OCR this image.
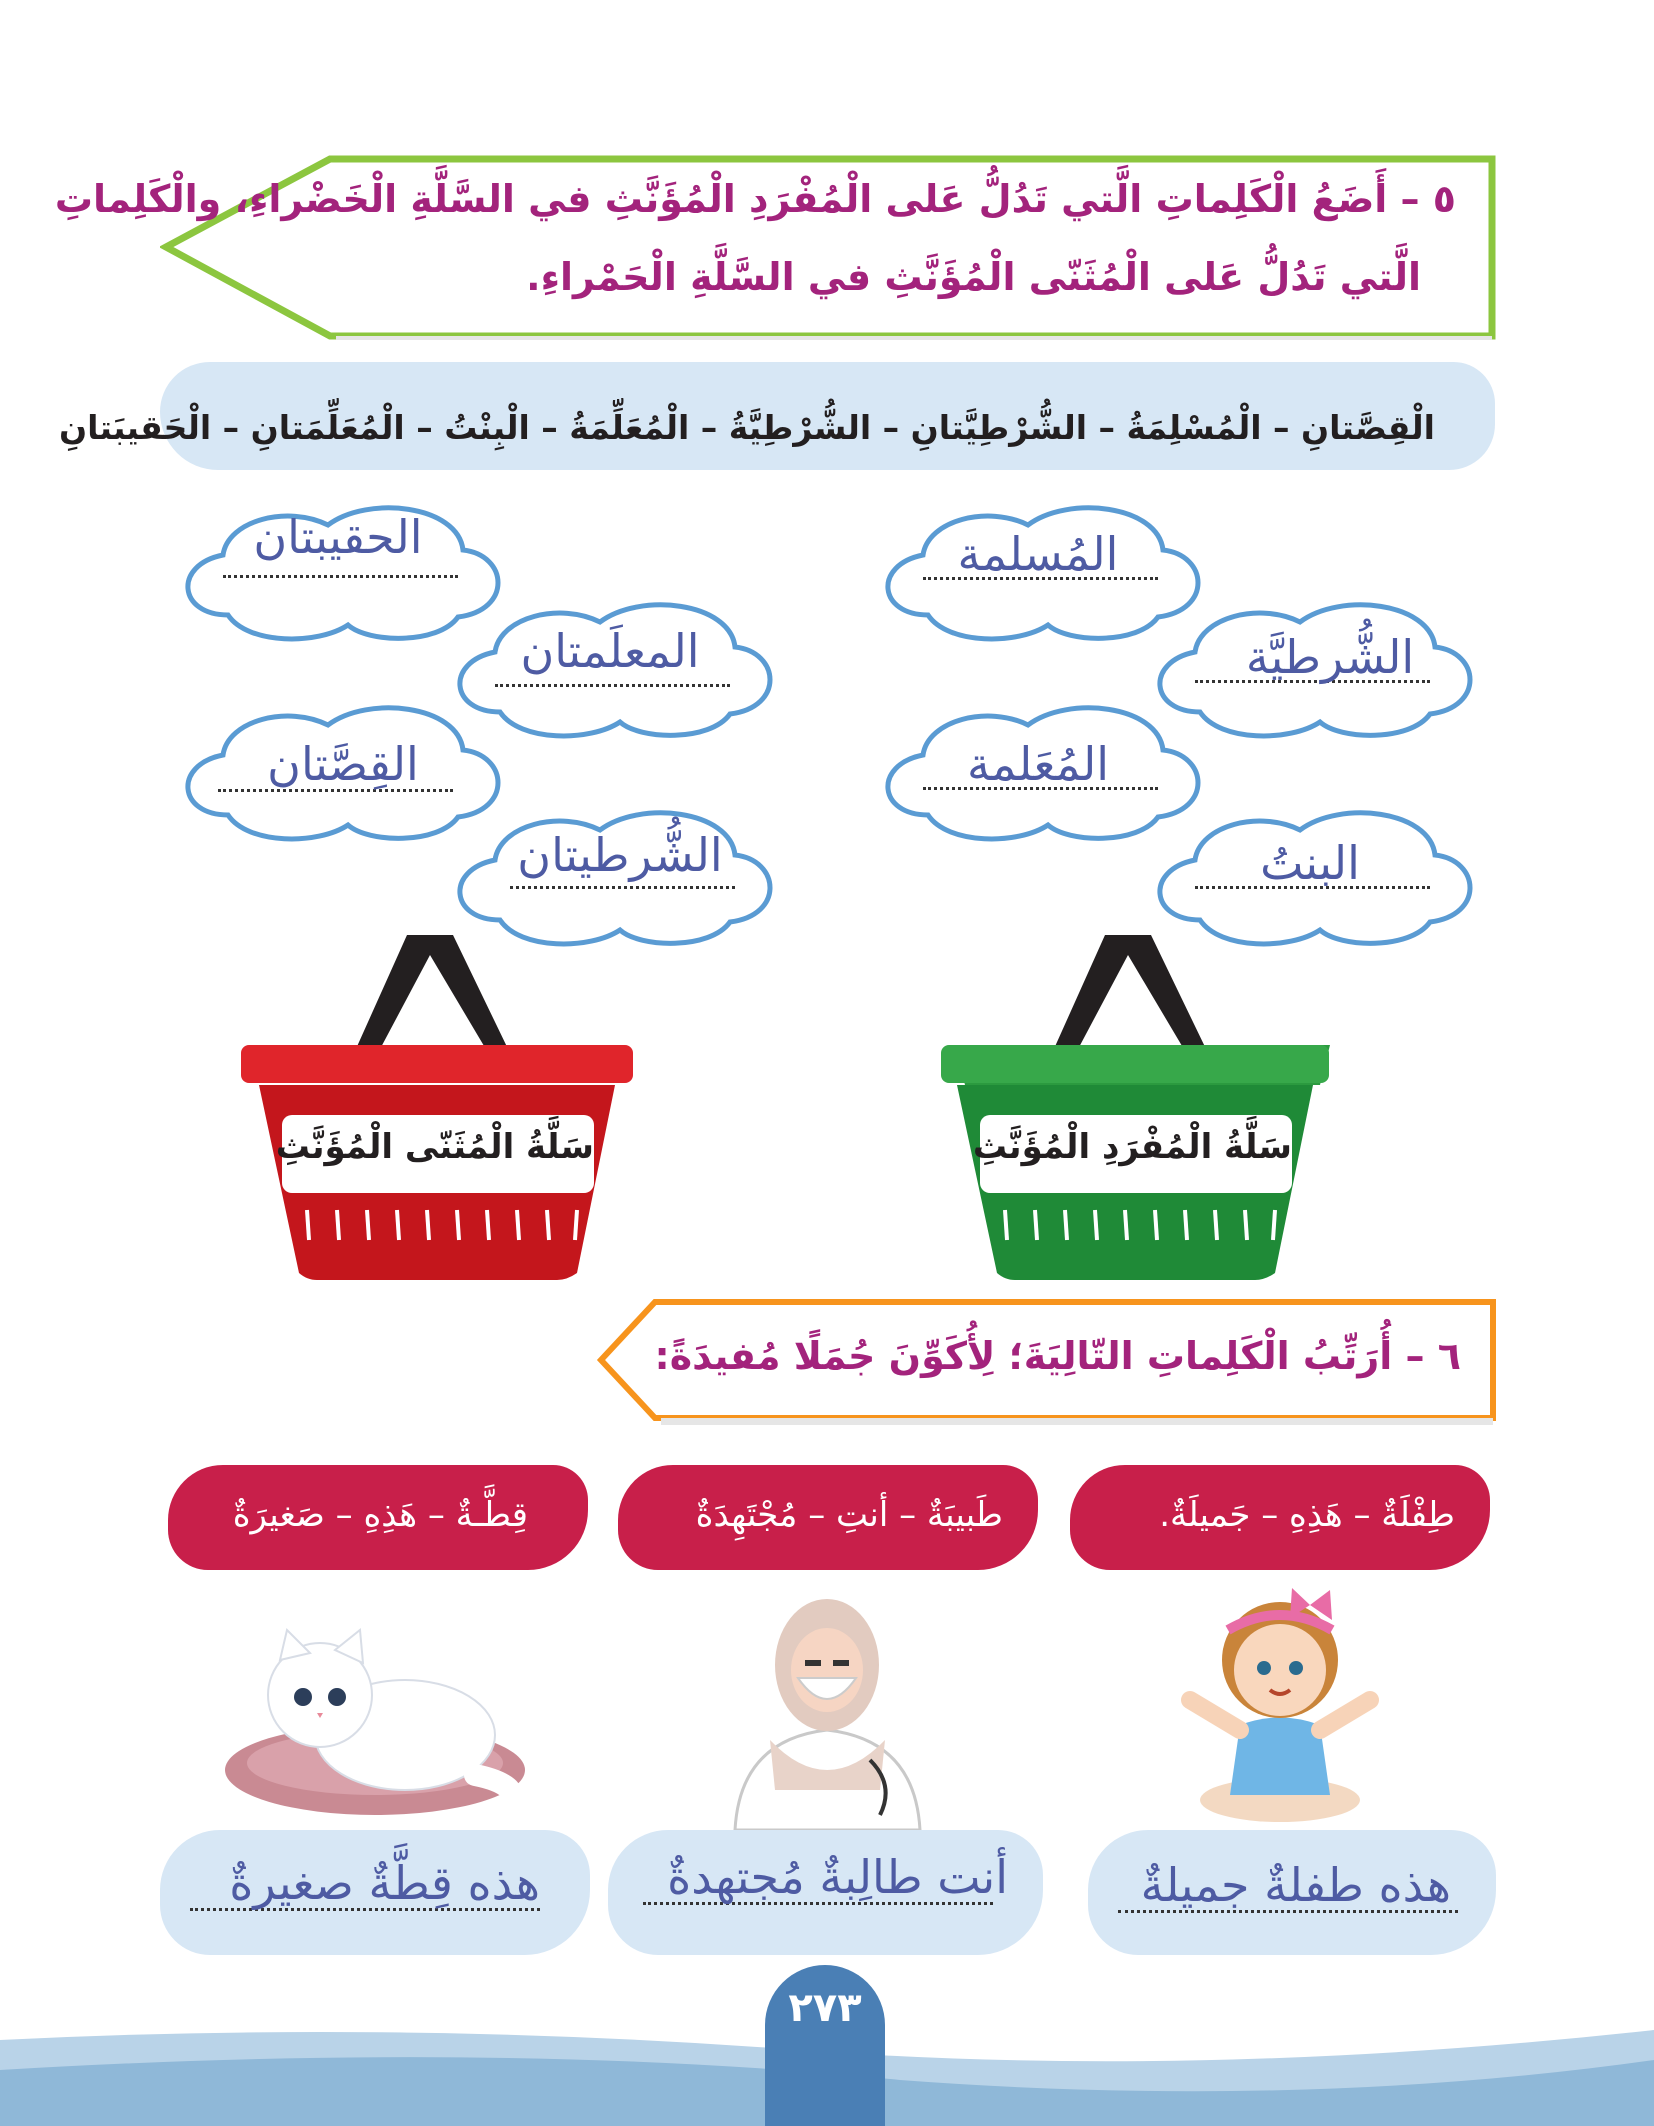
٥ – أَضَعُ الْكَلِماتِ الَّتي تَدُلُّ عَلى الْمُفْرَدِ الْمُؤَنَّثِ في السَّلَّةِ الْخَضْراءِ، والْكَلِماتِ
الَّتي تَدُلُّ عَلى الْمُثَنّى الْمُؤَنَّثِ في السَّلَّةِ الْحَمْراءِ.
الْقِصَّتانِ – الْمُسْلِمَةُ – الشُّرْطِيَّتانِ – الشُّرْطِيَّةُ – الْمُعَلِّمَةُ – الْبِنْتُ – الْمُعَلِّمَتانِ – الْحَقيبَتانِ
المُسلمة
الشُّرطيَّة
المُعَلمة
البنتُ
الحقيبتان
المعلَمتان
القِصَّتان
الشُّرطيتان
سَلَّةُ الْمُفْرَدِ الْمُؤَنَّثِ
سَلَّةُ الْمُثَنّى الْمُؤَنَّثِ
٦ – أُرَتِّبُ الْكَلِماتِ التّالِيَةَ؛ لِأُكَوِّنَ جُمَلًا مُفيدَةً:
طِفْلَةٌ – هَذِهِ – جَميلَةٌ.
طَبيبَةٌ – أنتِ – مُجْتَهِدَةٌ
قِطَّـةٌ – هَذِهِ – صَغيرَةٌ
هذه طفلةٌ جميلةٌ
أنت طالِبةٌ مُجتهدةٌ
هذه قِطَّةٌ صغيرةٌ
٢٧٣
